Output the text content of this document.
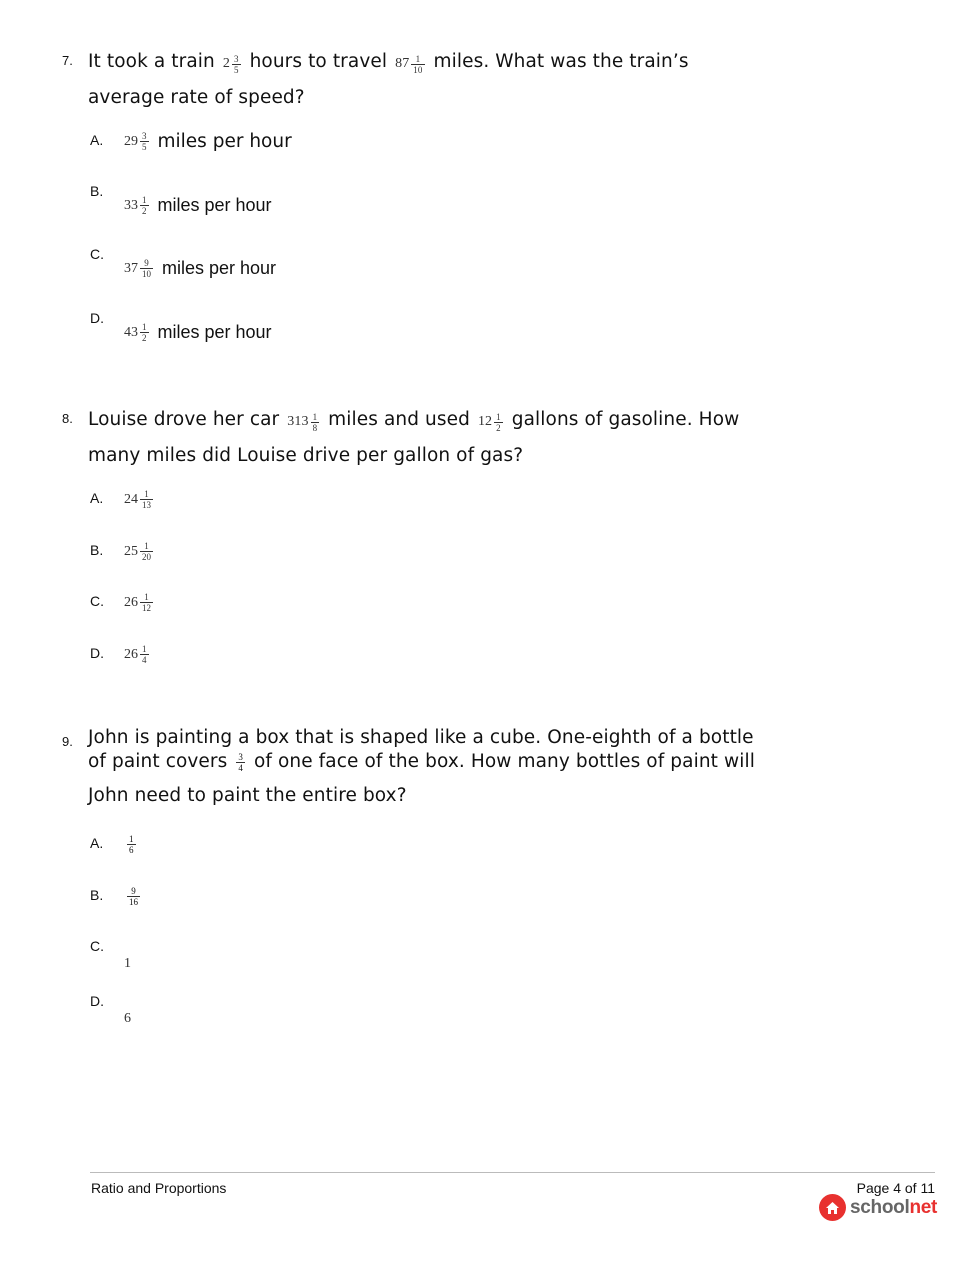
7. It took a train $2 \frac{3}{5}$ hours to travel $87 \frac{1}{10}$ miles. What was the train’s
average rate of speed?
A. $29 \frac{3}{5}$ miles per hour
B.
$33 \frac{1}{2}$ miles per hour
C.
$37 \frac{9}{10}$ miles per hour
D.
$43 \frac{1}{2}$ miles per hour
8. Louise drove her car $313 \frac{1}{8}$ miles and used $12 \frac{1}{2}$ gallons of gasoline. How
many miles did Louise drive per gallon of gas?
A. $24 \frac{1}{13}$
B. $25 \frac{1}{20}$
C. $26 \frac{1}{12}$
D. $26 \frac{1}{4}$
9. John is painting a box that is shaped like a cube. One-eighth of a bottle
of paint covers $\frac{3}{4}$ of one face of the box. How many bottles of paint will
John need to paint the entire box?
A.	$\frac{1}{6}$
B.	$\frac{9}{16}$
C.
1
D.
6
Ratio and Proportions	Page 4 of 11
schoolnet
